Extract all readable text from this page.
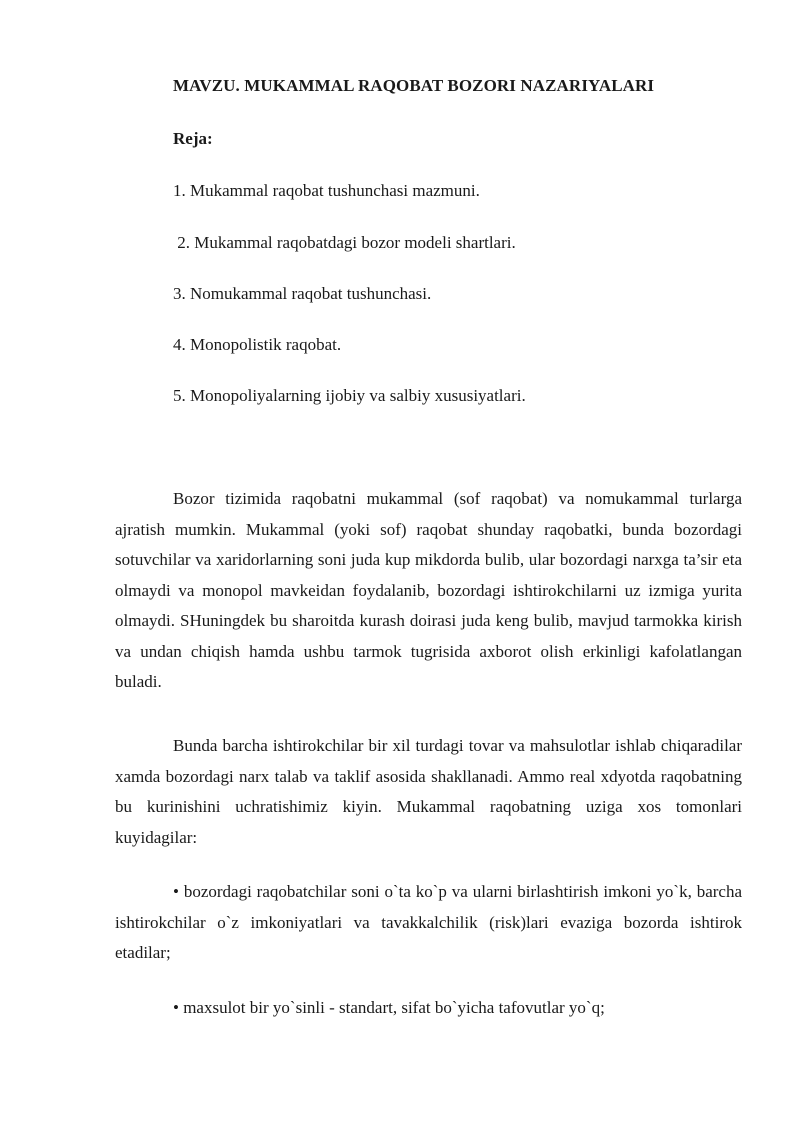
MAVZU. MUKAMMAL RAQOBAT BOZORI NAZARIYALARI
Reja:
1. Mukammal raqobat tushunchasi mazmuni.
2. Mukammal raqobatdagi bozor modeli shartlari.
3. Nomukammal raqobat tushunchasi.
4. Monopolistik raqobat.
5. Monopoliyalarning ijobiy va salbiy xususiyatlari.

Bozor tizimida raqobatni mukammal (sof raqobat) va nomukammal turlarga ajratish mumkin. Mukammal (yoki sof) raqobat shunday raqobatki, bunda bozordagi sotuvchilar va xaridorlarning soni juda kup mikdorda bulib, ular bozordagi narxga ta’sir eta olmaydi va monopol mavkeidan foydalanib, bozordagi ishtirokchilarni uz izmiga yurita olmaydi. SHuningdek bu sharoitda kurash doirasi juda keng bulib, mavjud tarmokka kirish va undan chiqish hamda ushbu tarmok tugrisida axborot olish erkinligi kafolatlangan buladi.

Bunda barcha ishtirokchilar bir xil turdagi tovar va mahsulotlar ishlab chiqaradilar xamda bozordagi narx talab va taklif asosida shakllanadi. Ammo real xdyotda raqobatning bu kurinishini uchratishimiz kiyin. Mukammal raqobatning uziga xos tomonlari kuyidagilar:

• bozordagi raqobatchilar soni o`ta ko`p va ularni birlashtirish imkoni yo`k, barcha ishtirokchilar o`z imkoniyatlari va tavakkalchilik (risk)lari evaziga bozorda ishtirok etadilar;

• maxsulot bir yo`sinli - standart, sifat bo`yicha tafovutlar yo`q;
